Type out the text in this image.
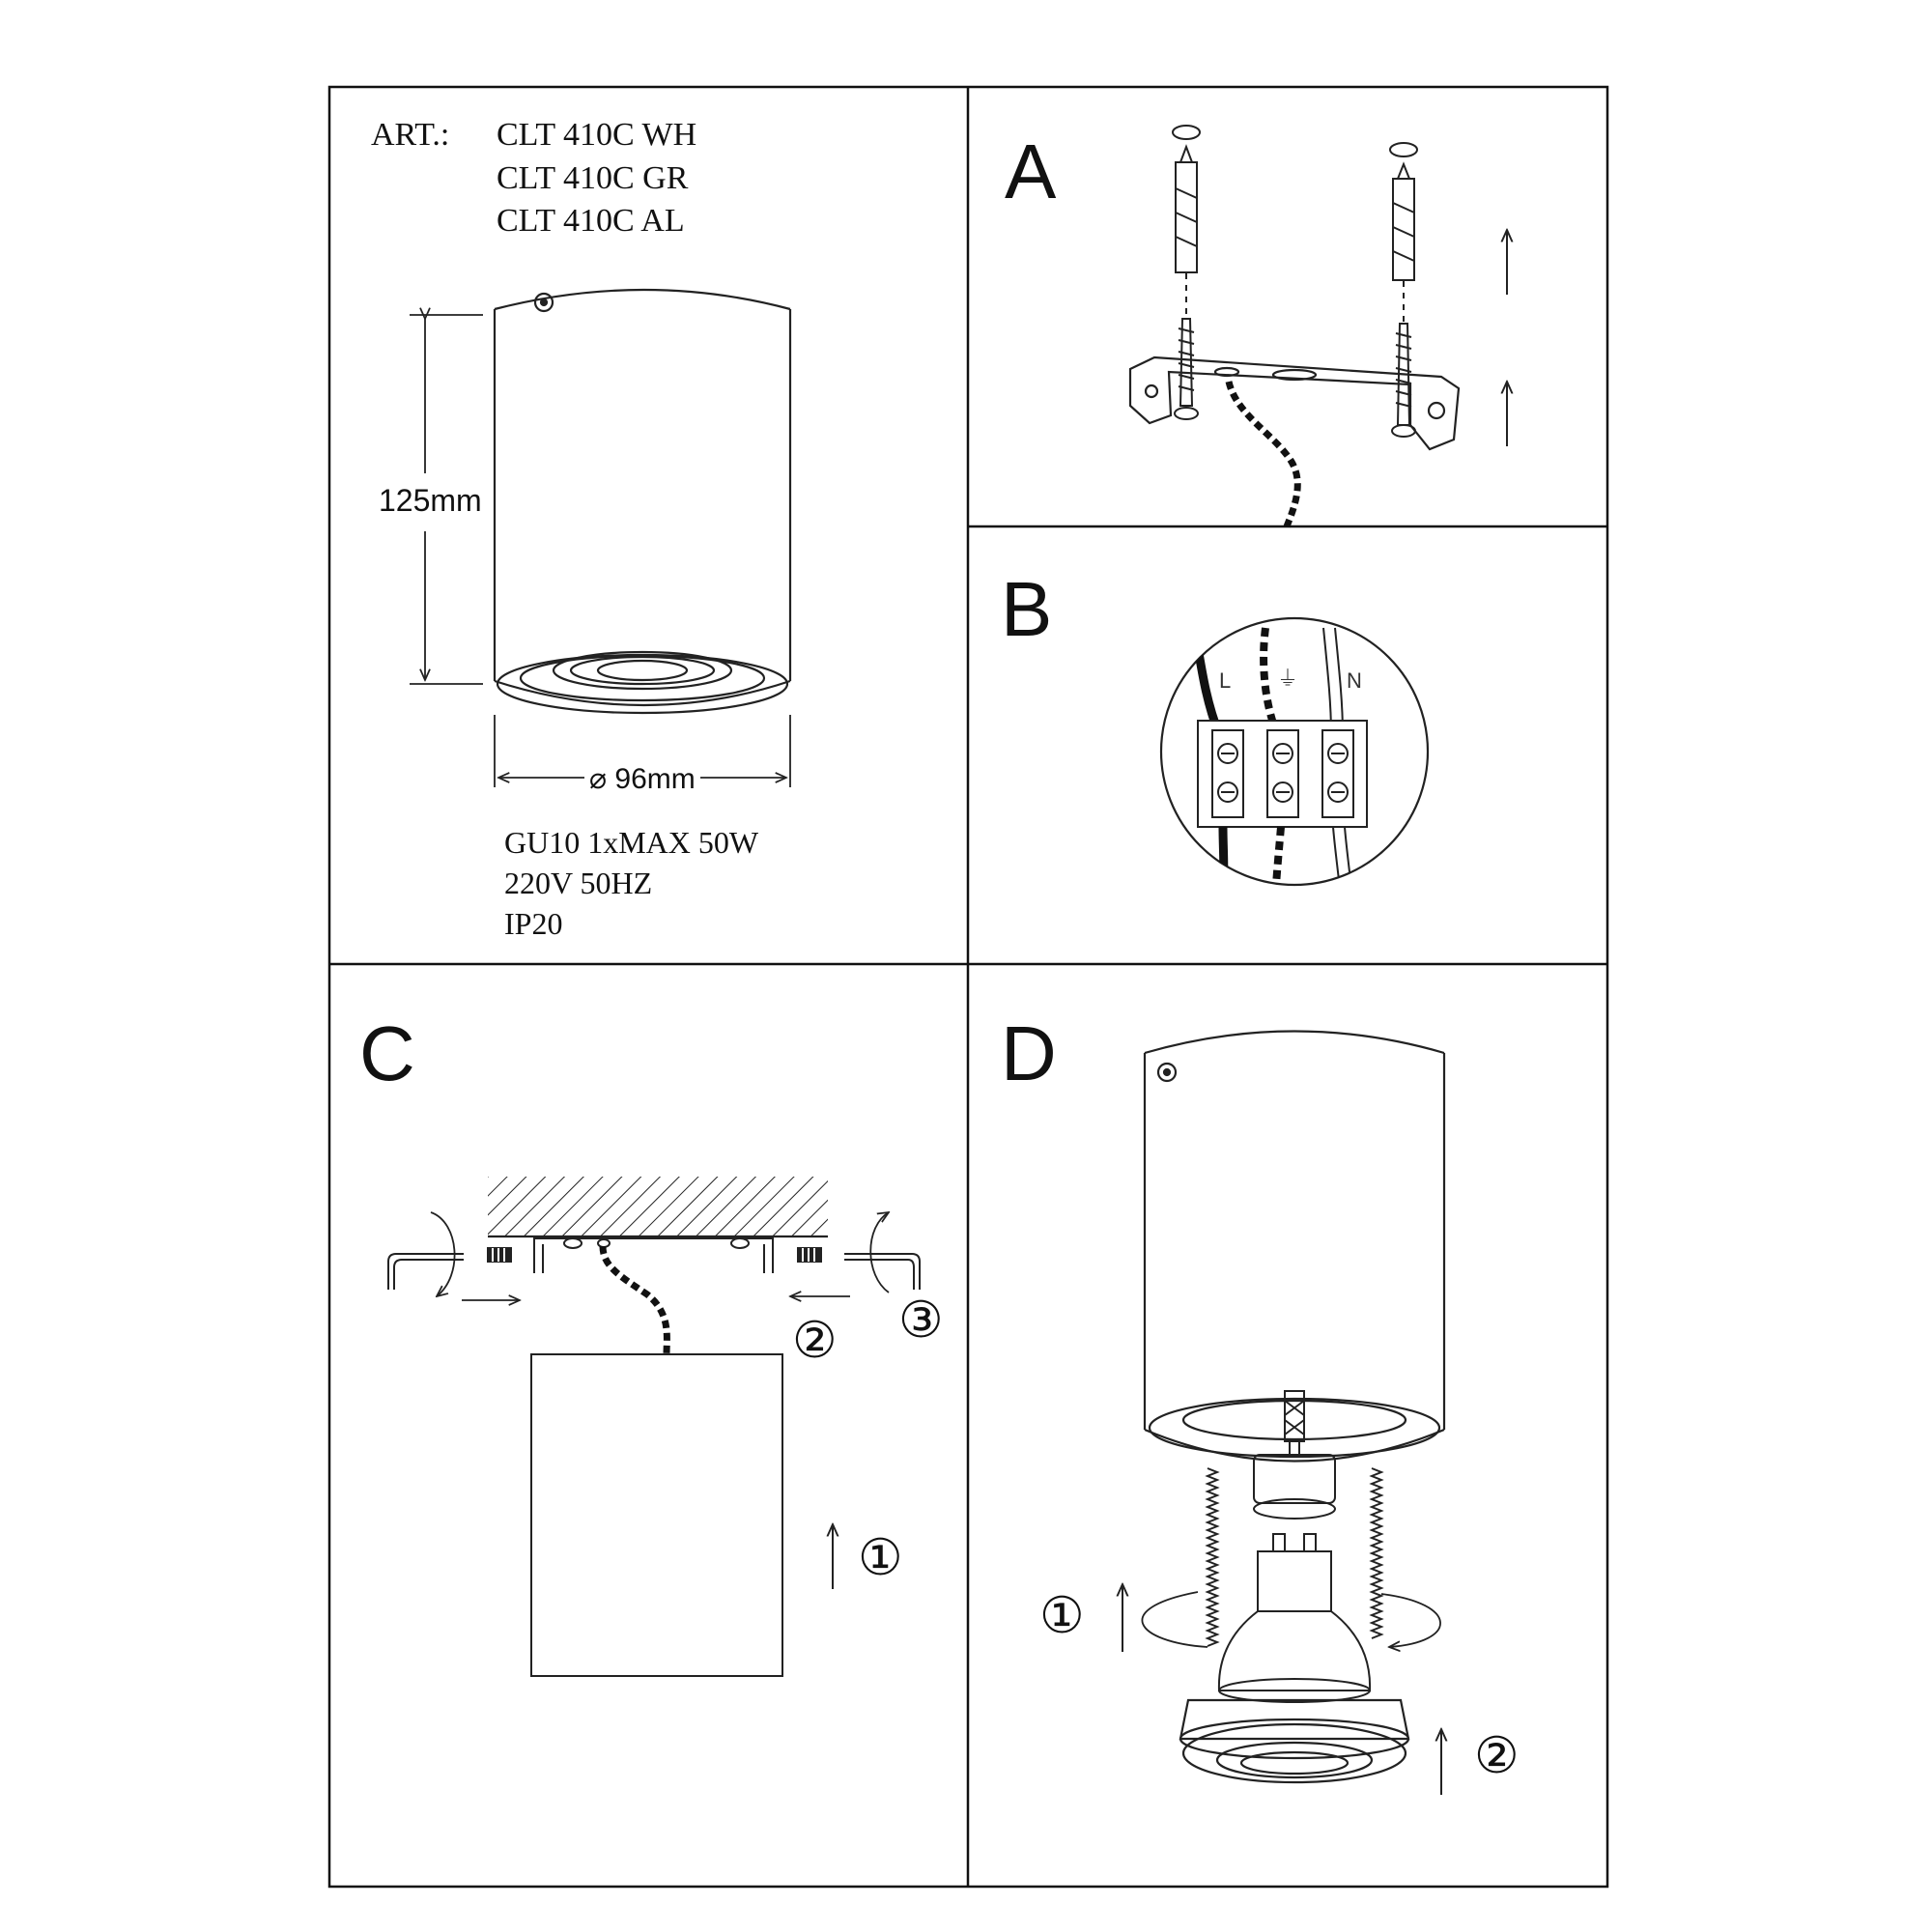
ART.: CLT 410C WH
CLT 410C GR
CLT 410C AL
125mm
⌀ 96mm
GU10 1xMAX 50W
220V 50HZ
IP20
A
B
L ⏚ N
C
①
② ③
D
①
②
